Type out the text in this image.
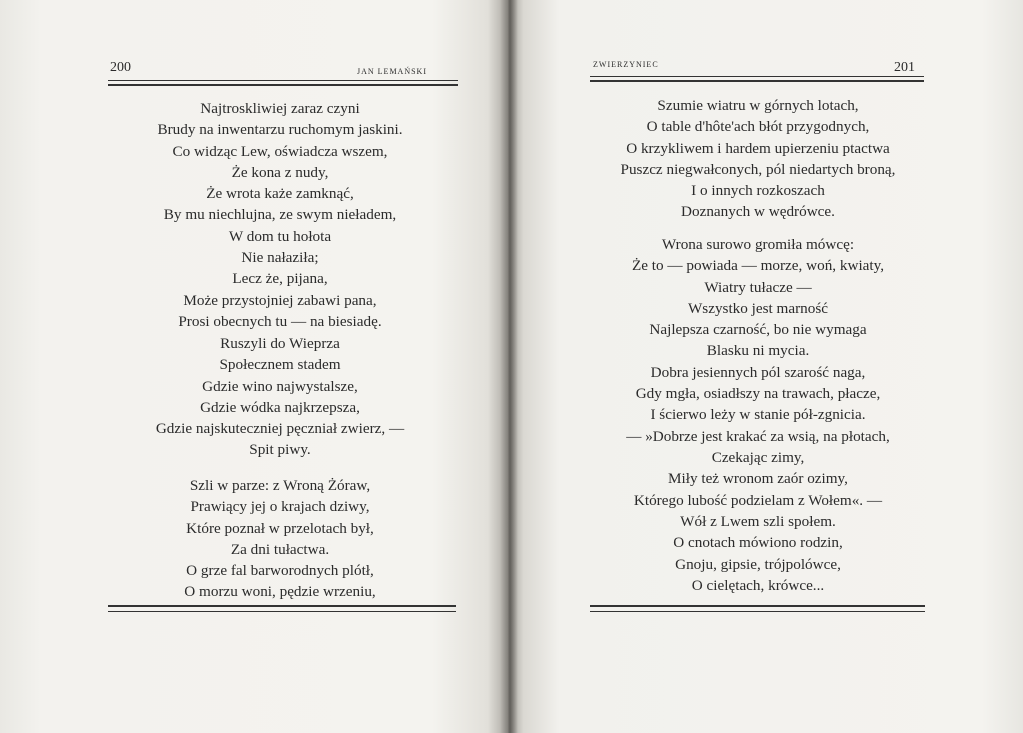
200	JAN LEMAŃSKI
Najtroskliwiej zaraz czyni
Brudy na inwentarzu ruchomym jaskini.
Co widząc Lew, oświadcza wszem,
Że kona z nudy,
Że wrota każe zamknąć,
By mu niechlujna, ze swym nieładem,
W dom tu hołota
Nie nałaziła;
Lecz że, pijana,
Może przystojniej zabawi pana,
Prosi obecnych tu — na biesiadę.
Ruszyli do Wieprza
Społecznem stadem
Gdzie wino najwystalsze,
Gdzie wódka najkrzepsza,
Gdzie najskuteczniej pęczniał zwierz, —
Spit piwy.
Szli w parze: z Wroną Żóraw,
Prawiący jej o krajach dziwy,
Które poznał w przelotach był,
Za dni tułactwa.
O grze fal barworodnych plótł,
O morzu woni, pędzie wrzeniu,
ZWIERZYNIEC	201
Szumie wiatru w górnych lotach,
O table d'hôte'ach błót przygodnych,
O krzykliwem i hardem upierzeniu ptactwa
Puszcz niegwałconych, pól niedartych broną,
I o innych rozkoszach
Doznanych w wędrówce.
Wrona surowo gromiła mówcę:
Że to — powiada — morze, woń, kwiaty,
Wiatry tułacze —
Wszystko jest marność
Najlepsza czarność, bo nie wymaga
Blasku ni mycia.
Dobra jesiennych pól szarość naga,
Gdy mgła, osiadłszy na trawach, płacze,
I ścierwo leży w stanie pół-zgnicia.
— »Dobrze jest krakać za wsią, na płotach,
Czekając zimy,
Miły też wronom zaór ozimy,
Którego lubość podzielam z Wołem«. —
Wół z Lwem szli społem.
O cnotach mówiono rodzin,
Gnoju, gipsie, trójpolówce,
O cielętach, krówce...
